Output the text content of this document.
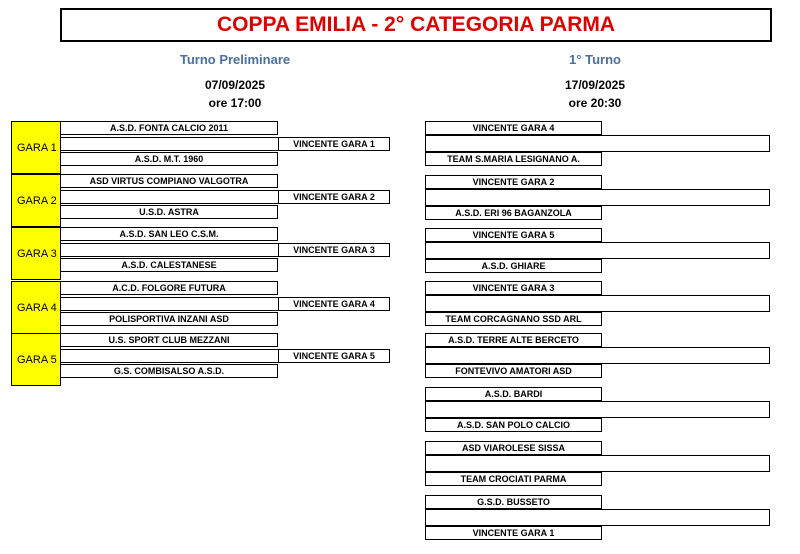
COPPA EMILIA - 2° CATEGORIA PARMA
Turno Preliminare
07/09/2025
ore 17:00
1° Turno
17/09/2025
ore 20:30
GARA 1
A.S.D. FONTA CALCIO 2011
A.S.D. M.T. 1960
VINCENTE GARA 1
GARA 2
ASD VIRTUS COMPIANO VALGOTRA
U.S.D. ASTRA
VINCENTE GARA 2
GARA 3
A.S.D. SAN LEO C.S.M.
A.S.D. CALESTANESE
VINCENTE GARA 3
GARA 4
A.C.D. FOLGORE FUTURA
POLISPORTIVA INZANI ASD
VINCENTE GARA 4
GARA 5
U.S. SPORT CLUB MEZZANI
G.S. COMBISALSO A.S.D.
VINCENTE GARA 5
VINCENTE GARA 4
TEAM S.MARIA LESIGNANO A.
VINCENTE GARA 2
A.S.D. ERI 96 BAGANZOLA
VINCENTE GARA 5
A.S.D. GHIARE
VINCENTE GARA 3
TEAM CORCAGNANO SSD ARL
A.S.D. TERRE ALTE BERCETO
FONTEVIVO AMATORI ASD
A.S.D. BARDI
A.S.D. SAN POLO CALCIO
ASD VIAROLESE SISSA
TEAM CROCIATI PARMA
G.S.D. BUSSETO
VINCENTE GARA 1
